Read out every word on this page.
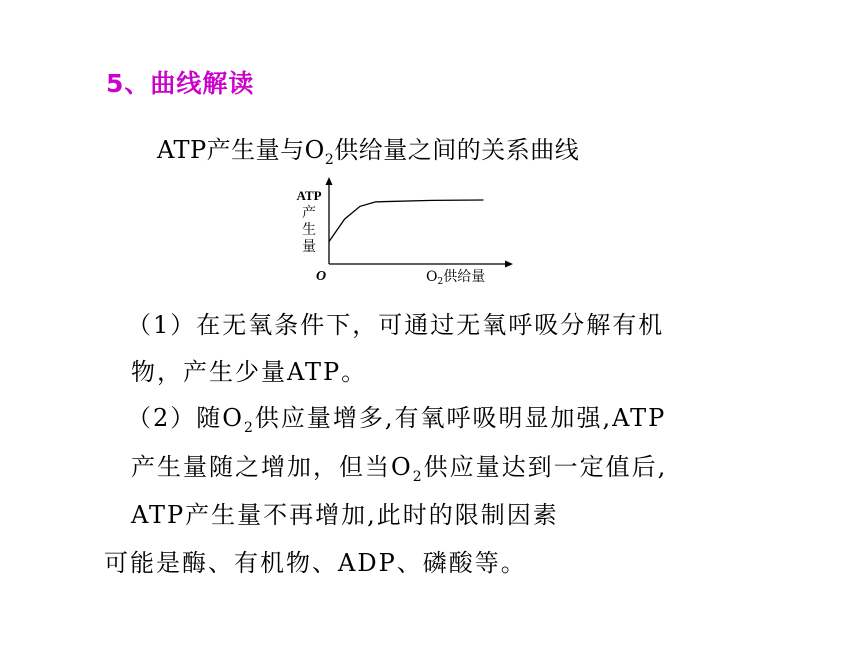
5、曲线解读

ATP产生量与$O_2$供给量之间的关系曲线

ATP
产
生
量
O	$O_2$供给量

（1）在无氧条件下，可通过无氧呼吸分解有机

物，产生少量ATP。

（2）随$O_2$供应量增多,有氧呼吸明显加强,ATP

产生量随之增加，但当$O_2$供应量达到一定值后,

ATP产生量不再增加,此时的限制因素

可能是酶、有机物、ADP、磷酸等。
